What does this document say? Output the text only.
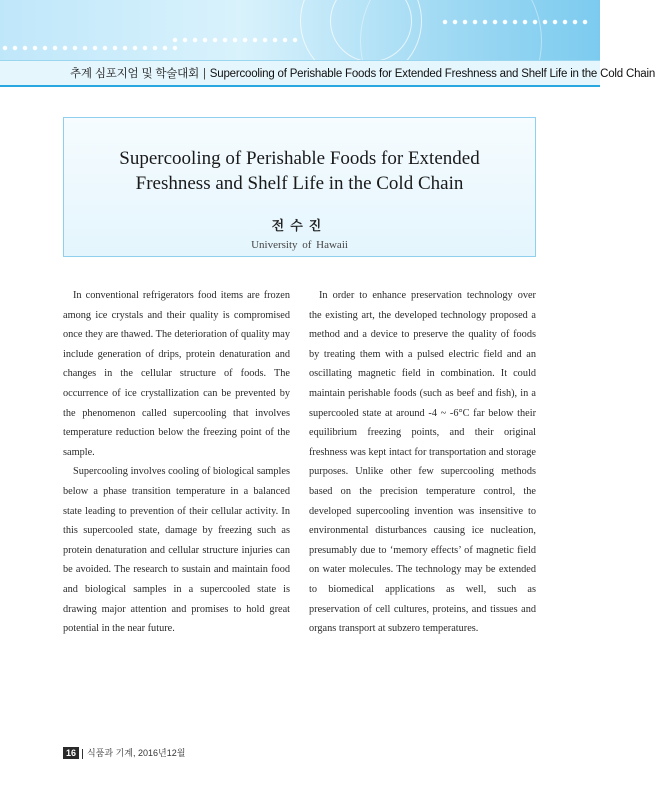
추계 심포지엄 및 학술대회 | Supercooling of Perishable Foods for Extended Freshness and Shelf Life in the Cold Chain
Supercooling of Perishable Foods for Extended
Freshness and Shelf Life in the Cold Chain
전수진
University of Hawaii

In conventional refrigerators food items are frozen among ice crystals and their quality is compromised once they are thawed. The deterioration of quality may include generation of drips, protein denaturation and changes in the cellular structure of foods. The occurrence of ice crystallization can be prevented by the phenomenon called supercooling that involves temperature reduction below the freezing point of the sample.

Supercooling involves cooling of biological samples below a phase transition temperature in a balanced state leading to prevention of their cellular activity. In this supercooled state, damage by freezing such as protein denaturation and cellular structure injuries can be avoided. The research to sustain and maintain food and biological samples in a supercooled state is drawing major attention and promises to hold great potential in the near future.

In order to enhance preservation technology over the existing art, the developed technology proposed a method and a device to preserve the quality of foods by treating them with a pulsed electric field and an oscillating magnetic field in combination. It could maintain perishable foods (such as beef and fish), in a supercooled state at around -4 ~ -6°C far below their equilibrium freezing points, and their original freshness was kept intact for transportation and storage purposes. Unlike other few supercooling methods based on the precision temperature control, the developed supercooling invention was insensitive to environmental disturbances causing ice nucleation, presumably due to ‘memory effects’ of magnetic field on water molecules. The technology may be extended to biomedical applications as well, such as preservation of cell cultures, proteins, and tissues and organs transport at subzero temperatures.

16 식품과 기계, 2016년12월
